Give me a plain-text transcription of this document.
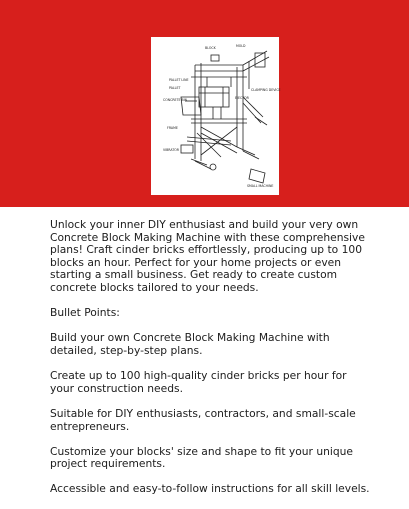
MOLD
PALLET LINE
PALLET
CONCRETE BIN	EJECTOR
CLAMPING DEVICE
FRAME
VIBRATOR
SMALL MACHINE
BLOCK

Unlock your inner DIY enthusiast and build your very own Concrete Block Making Machine with these comprehensive plans! Craft cinder bricks effortlessly, producing up to 100 blocks an hour. Perfect for your home projects or even starting a small business. Get ready to create custom concrete blocks tailored to your needs.

Bullet Points:

Build your own Concrete Block Making Machine with detailed, step-by-step plans.

Create up to 100 high-quality cinder bricks per hour for your construction needs.

Suitable for DIY enthusiasts, contractors, and small-scale entrepreneurs.

Customize your blocks' size and shape to fit your unique project requirements.

Accessible and easy-to-follow instructions for all skill levels.
